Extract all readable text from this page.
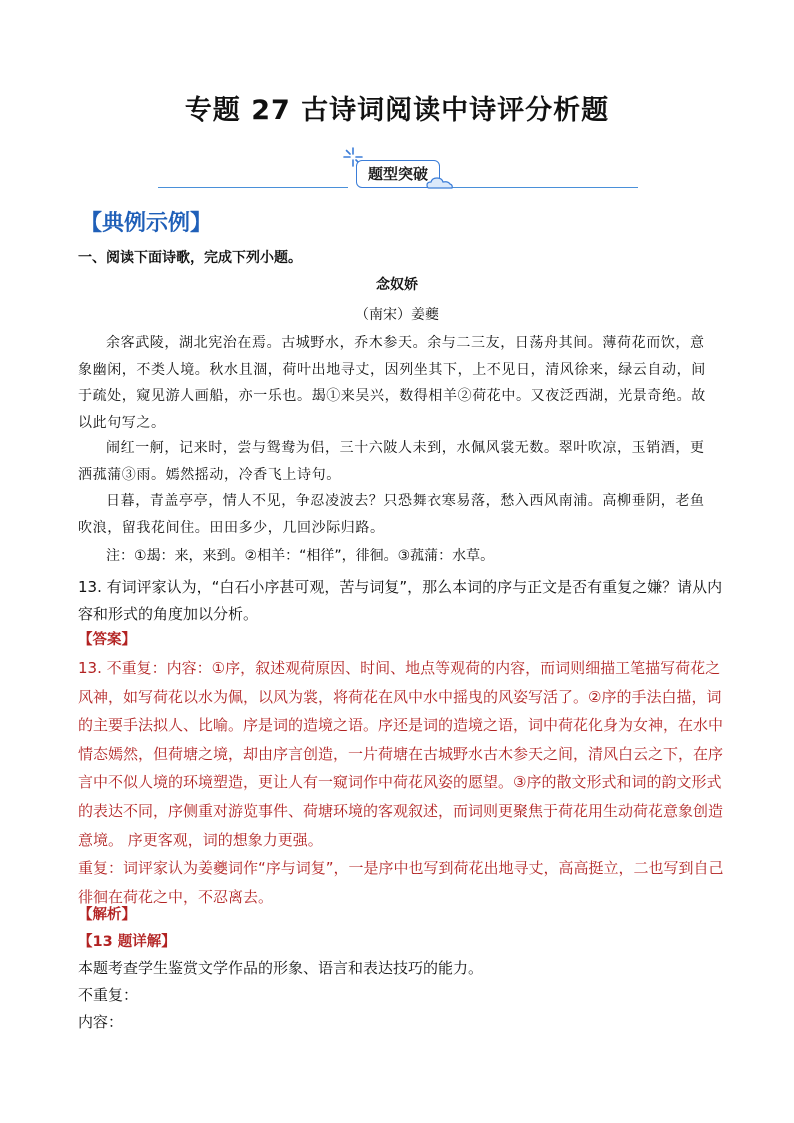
专题 27 古诗词阅读中诗评分析题
题型突破
【典例示例】
一、阅读下面诗歌，完成下列小题。
念奴娇
（南宋）姜夔

余客武陵，湖北宪治在焉。古城野水，乔木参天。余与二三友，日荡舟其间。薄荷花而饮，意象幽闲，不类人境。秋水且涸，荷叶出地寻丈，因列坐其下，上不见日，清风徐来，绿云自动，间于疏处，窥见游人画船，亦一乐也。朅①来吴兴，数得相羊②荷花中。又夜泛西湖，光景奇绝。故以此句写之。

闹红一舸，记来时，尝与鸳鸯为侣，三十六陂人未到，水佩风裳无数。翠叶吹凉，玉销酒，更洒菰蒲③雨。嫣然摇动，冷香飞上诗句。

日暮，青盖亭亭，情人不见，争忍凌波去？只恐舞衣寒易落，愁入西风南浦。高柳垂阴，老鱼吹浪，留我花间住。田田多少，几回沙际归路。

注：①朅：来，来到。②相羊：“相徉”，徘徊。③菰蒲：水草。
13. 有词评家认为，“白石小序甚可观，苦与词复”，那么本词的序与正文是否有重复之嫌？请从内容和形式的角度加以分析。
【答案】

13. 不重复：内容：①序，叙述观荷原因、时间、地点等观荷的内容，而词则细描工笔描写荷花之风神，如写荷花以水为佩，以风为裳，将荷花在风中水中摇曳的风姿写活了。②序的手法白描，词的主要手法拟人、比喻。序是词的造境之语。序还是词的造境之语，词中荷花化身为女神，在水中情态嫣然，但荷塘之境，却由序言创造，一片荷塘在古城野水古木参天之间，清风白云之下，在序言中不似人境的环境塑造，更让人有一窥词作中荷花风姿的愿望。③序的散文形式和词的韵文形式的表达不同，序侧重对游览事件、荷塘环境的客观叙述，而词则更聚焦于荷花用生动荷花意象创造意境。 序更客观，词的想象力更强。

重复：词评家认为姜夔词作“序与词复”，一是序中也写到荷花出地寻丈，高高挺立，二也写到自己徘徊在荷花之中，不忍离去。

【解析】
【13 题详解】
本题考查学生鉴赏文学作品的形象、语言和表达技巧的能力。
不重复：
内容：
